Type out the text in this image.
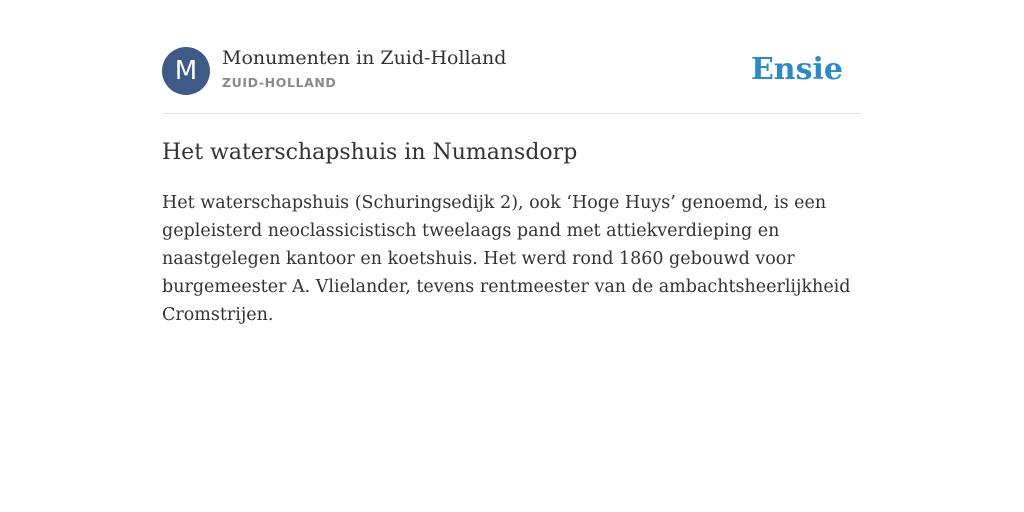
M	Monumenten in Zuid-Holland
ZUID-HOLLAND	Ensie
Het waterschapshuis in Numansdorp

Het waterschapshuis (Schuringsedijk 2), ook ‘Hoge Huys’ genoemd, is een gepleisterd neoclassicistisch tweelaags pand met attiekverdieping en naastgelegen kantoor en koetshuis. Het werd rond 1860 gebouwd voor burgemeester A. Vlielander, tevens rentmeester van de ambachtsheerlijkheid Cromstrijen.
